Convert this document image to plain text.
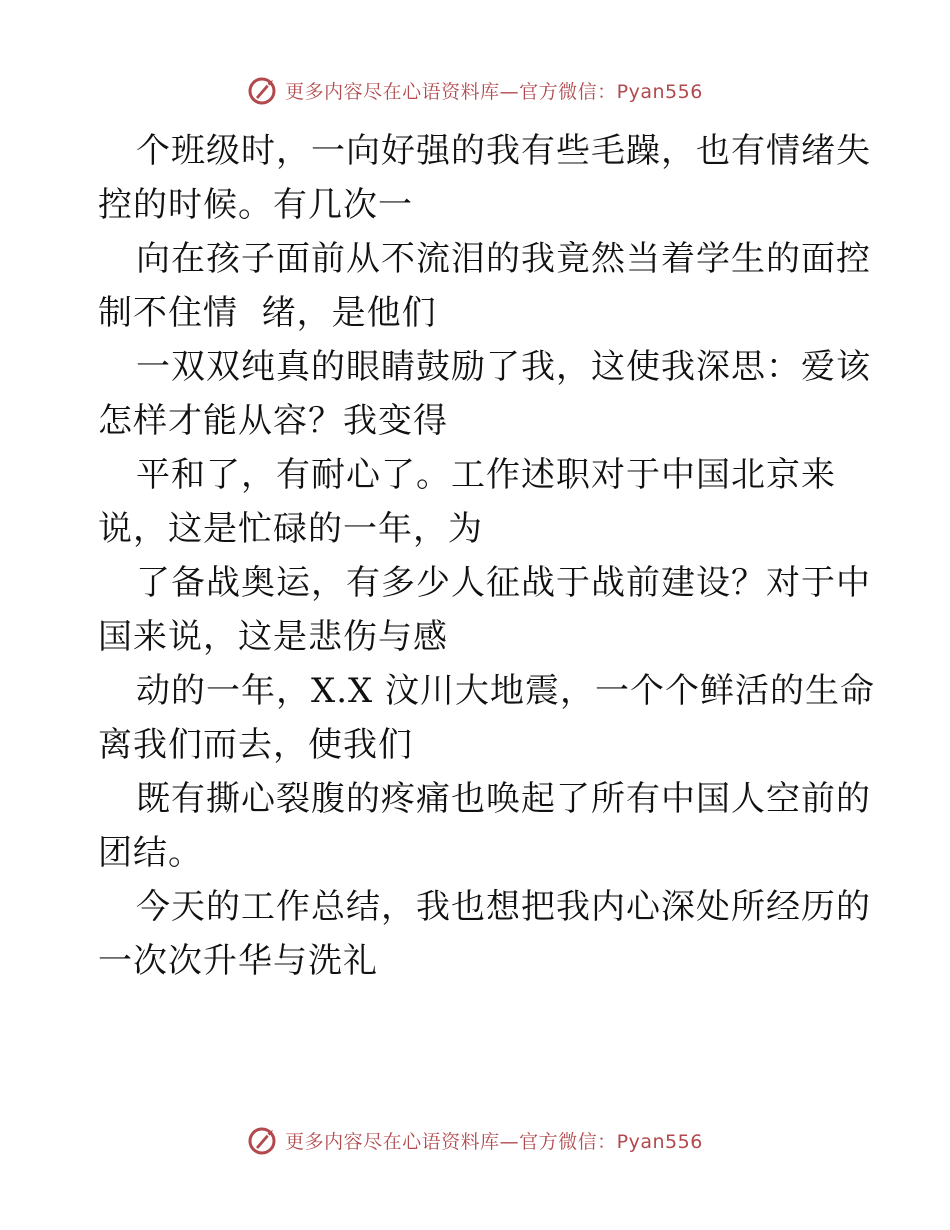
更多内容尽在心语资料库—官方微信：Pyan556

个班级时，一向好强的我有些毛躁，也有情绪失

控的时候。有几次一

向在孩子面前从不流泪的我竟然当着学生的面控

制不住情  绪，是他们

一双双纯真的眼睛鼓励了我，这使我深思：爱该

怎样才能从容？我变得

平和了，有耐心了。工作述职对于中国北京来

说，这是忙碌的一年，为

了备战奥运，有多少人征战于战前建设？对于中

国来说，这是悲伤与感

动的一年，X.X 汶川大地震，一个个鲜活的生命

离我们而去，使我们

既有撕心裂腹的疼痛也唤起了所有中国人空前的

团结。

今天的工作总结，我也想把我内心深处所经历的

一次次升华与洗礼

更多内容尽在心语资料库—官方微信：Pyan556
